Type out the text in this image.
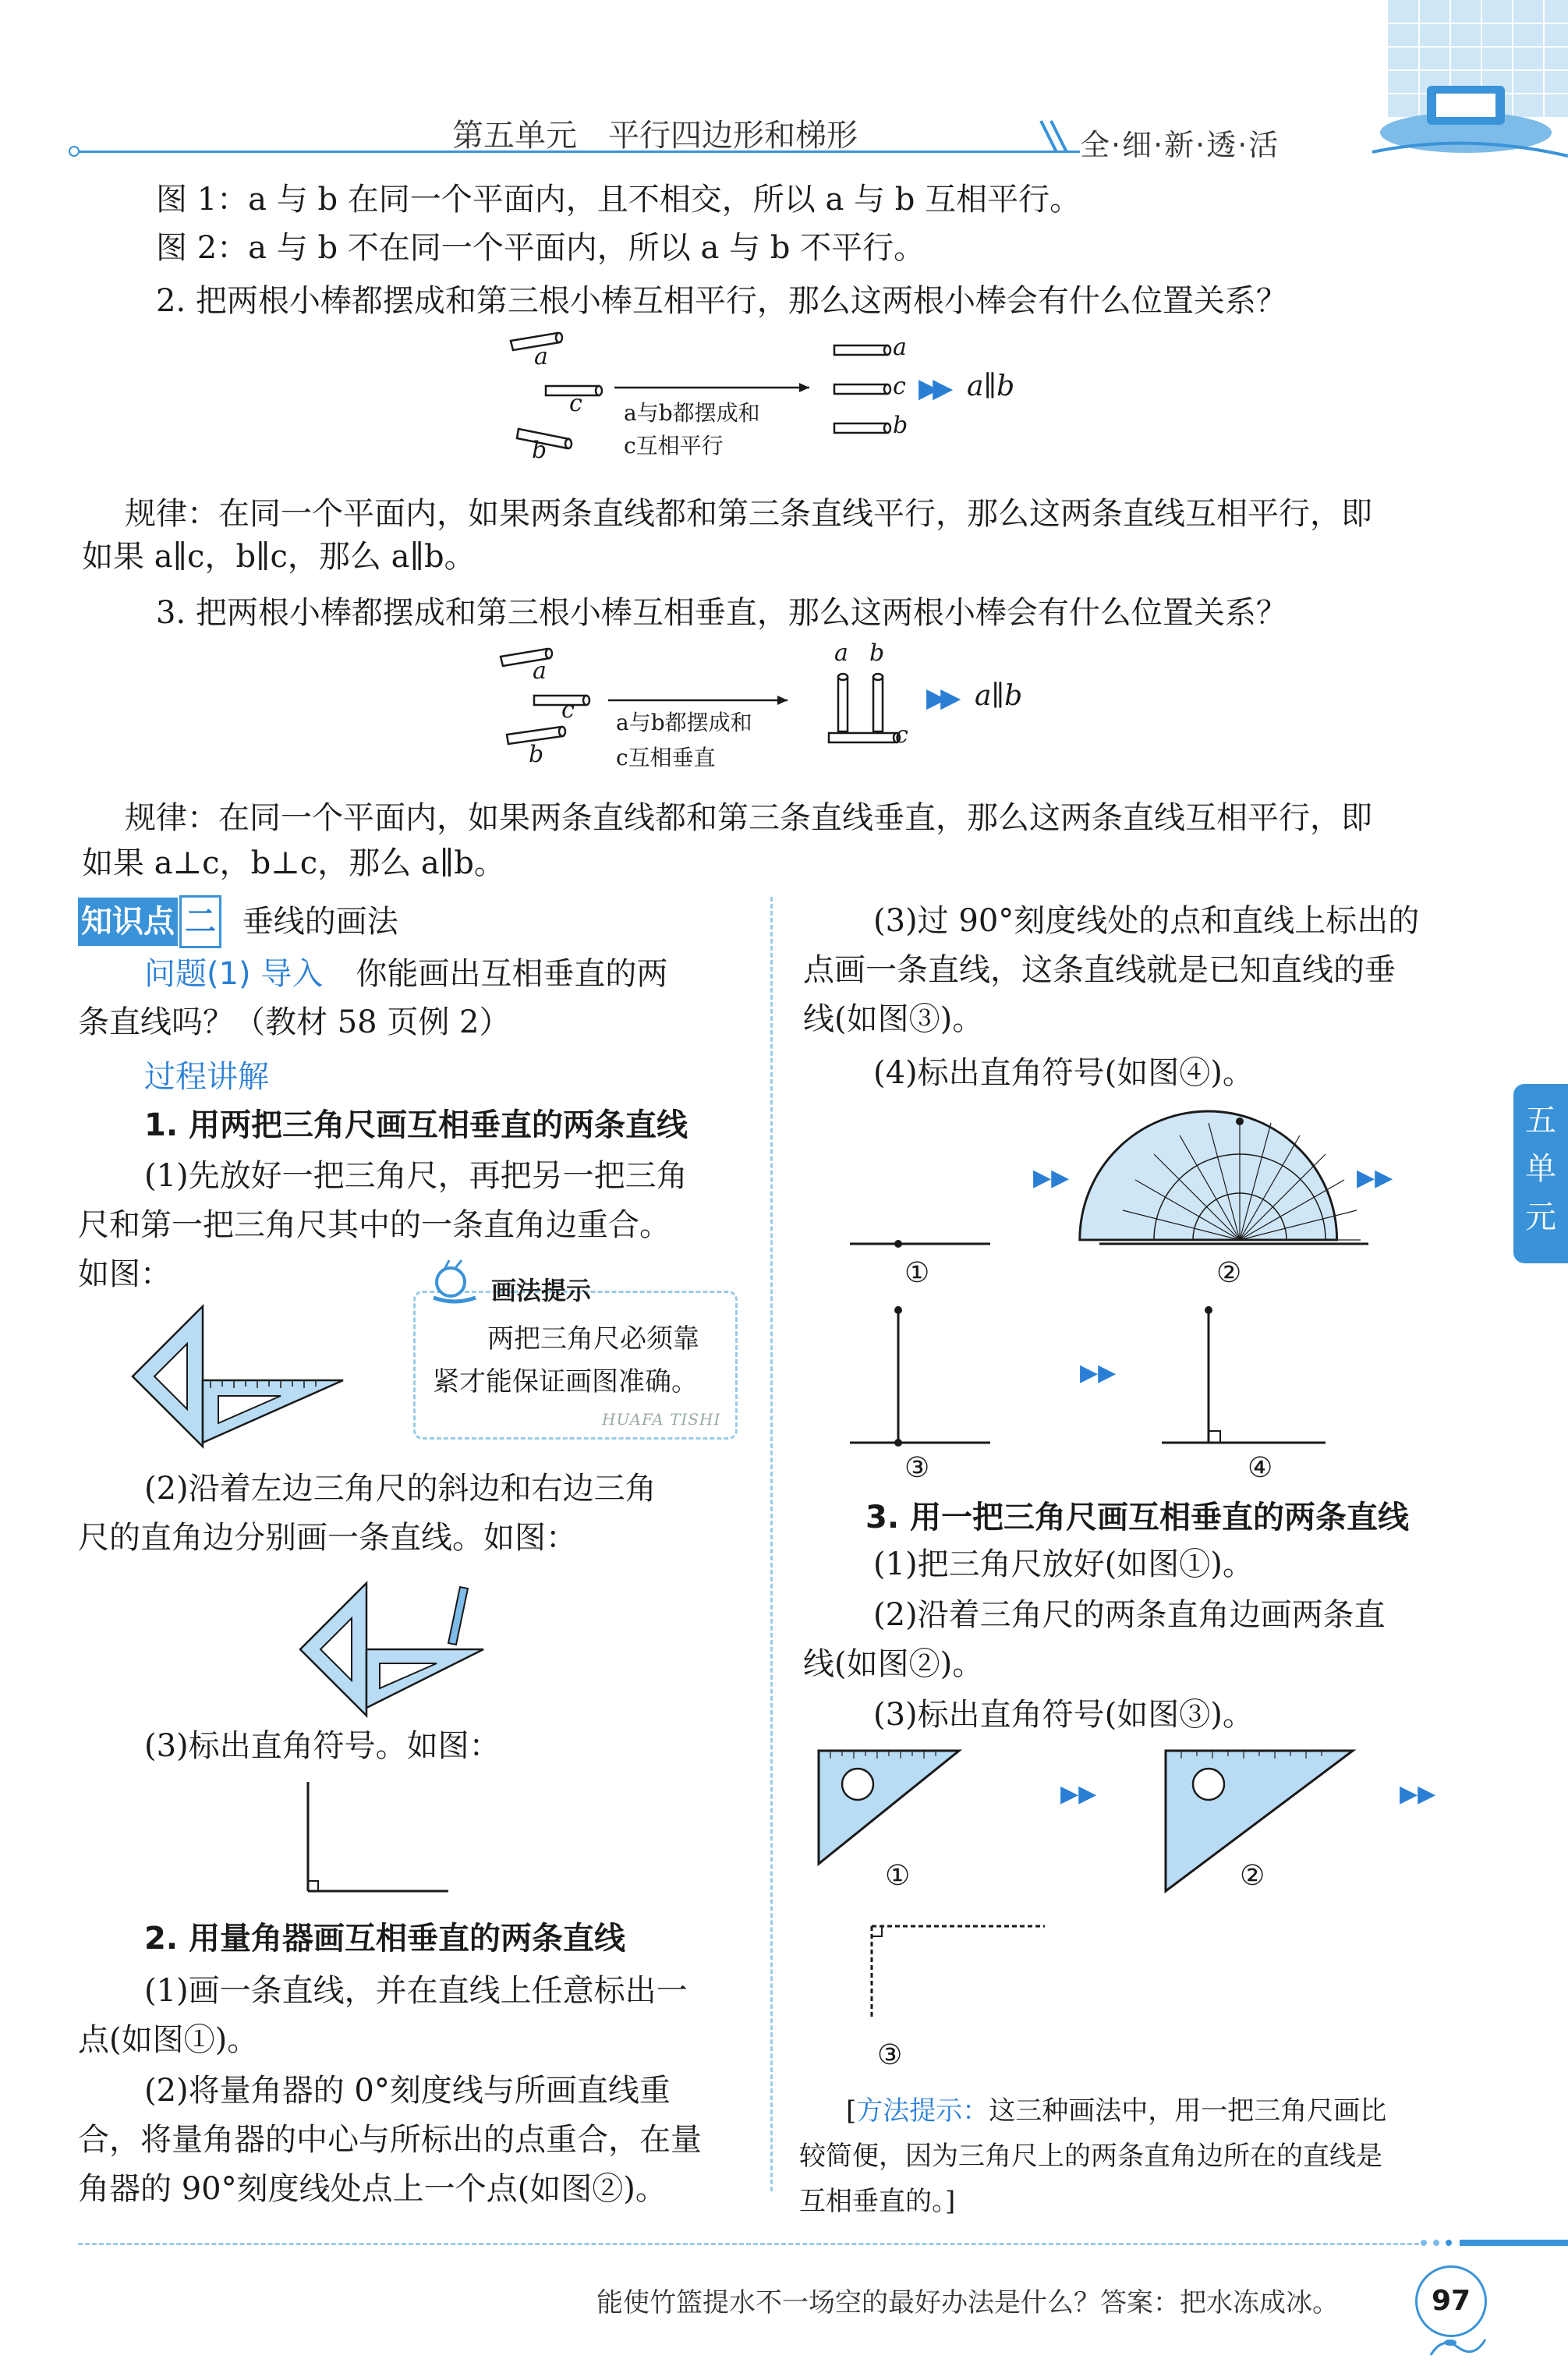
第五单元　平行四边形和梯形	全·细·新·透·活
图 1：a 与 b 在同一个平面内，且不相交，所以 a 与 b 互相平行。
图 2：a 与 b 不在同一个平面内，所以 a 与 b 不平行。
2. 把两根小棒都摆成和第三根小棒互相平行，那么这两根小棒会有什么位置关系？
a
c
b
a与b都摆成和
c互相平行
a
c
b
▶▶ a∥b
规律：在同一个平面内，如果两条直线都和第三条直线平行，那么这两条直线互相平行，即
如果 a∥c，b∥c，那么 a∥b。
3. 把两根小棒都摆成和第三根小棒互相垂直，那么这两根小棒会有什么位置关系？
a
c
b
a与b都摆成和
c互相垂直
a b
c
▶▶ a∥b
规律：在同一个平面内，如果两条直线都和第三条直线垂直，那么这两条直线互相平行，即
如果 a⊥c，b⊥c，那么 a∥b。
知识点 二 垂线的画法
问题(1) 导入 你能画出互相垂直的两
条直线吗？（教材 58 页例 2）
过程讲解
1. 用两把三角尺画互相垂直的两条直线
(1)先放好一把三角尺，再把另一把三角
尺和第一把三角尺其中的一条直角边重合。
如图：	画法提示
两把三角尺必须靠
紧才能保证画图准确。
HUAFA TISHI
(2)沿着左边三角尺的斜边和右边三角
尺的直角边分别画一条直线。如图：
(3)标出直角符号。如图：
2. 用量角器画互相垂直的两条直线
(1)画一条直线，并在直线上任意标出一
点(如图①)。
(2)将量角器的 0°刻度线与所画直线重
合，将量角器的中心与所标出的点重合，在量
角器的 90°刻度线处点上一个点(如图②)。
(3)过 90°刻度线处的点和直线上标出的
点画一条直线，这条直线就是已知直线的垂
线(如图③)。
(4)标出直角符号(如图④)。
▶▶	▶▶
▶▶
①	②
③	④
3. 用一把三角尺画互相垂直的两条直线
(1)把三角尺放好(如图①)。
(2)沿着三角尺的两条直角边画两条直
线(如图②)。
(3)标出直角符号(如图③)。
▶▶	▶▶
①	②
③
[方法提示：这三种画法中，用一把三角尺画比
较简便，因为三角尺上的两条直角边所在的直线是
互相垂直的。]
五
单
元
能使竹篮提水不一场空的最好办法是什么？答案：把水冻成冰。	97
